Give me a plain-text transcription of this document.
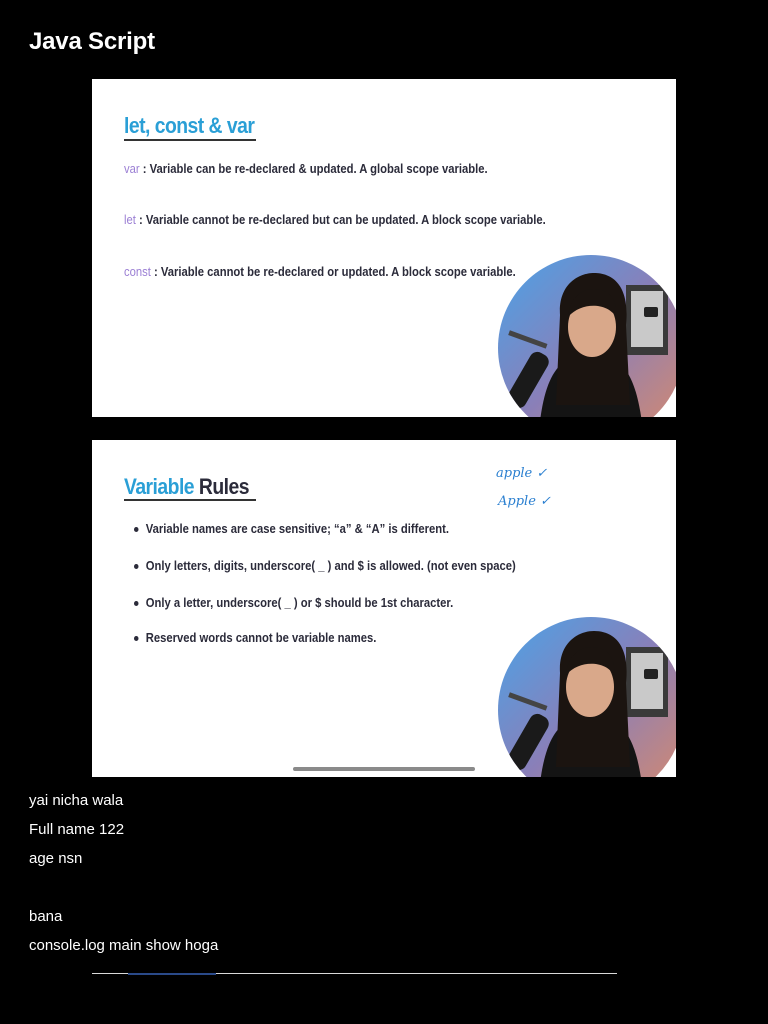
Java Script
let, const & var
var : Variable can be re-declared & updated. A global scope variable.
let : Variable cannot be re-declared but can be updated. A block scope variable.
const : Variable cannot be re-declared or updated. A block scope variable.
Variable Rules
apple ✓
Apple ✓
Variable names are case sensitive; “a” & “A” is different.
Only letters, digits, underscore( _ ) and $ is allowed. (not even space)
Only a letter, underscore( _ ) or $ should be 1st character.
Reserved words cannot be variable names.
yai nicha wala
Full name 122
age nsn
bana
console.log main show hoga
